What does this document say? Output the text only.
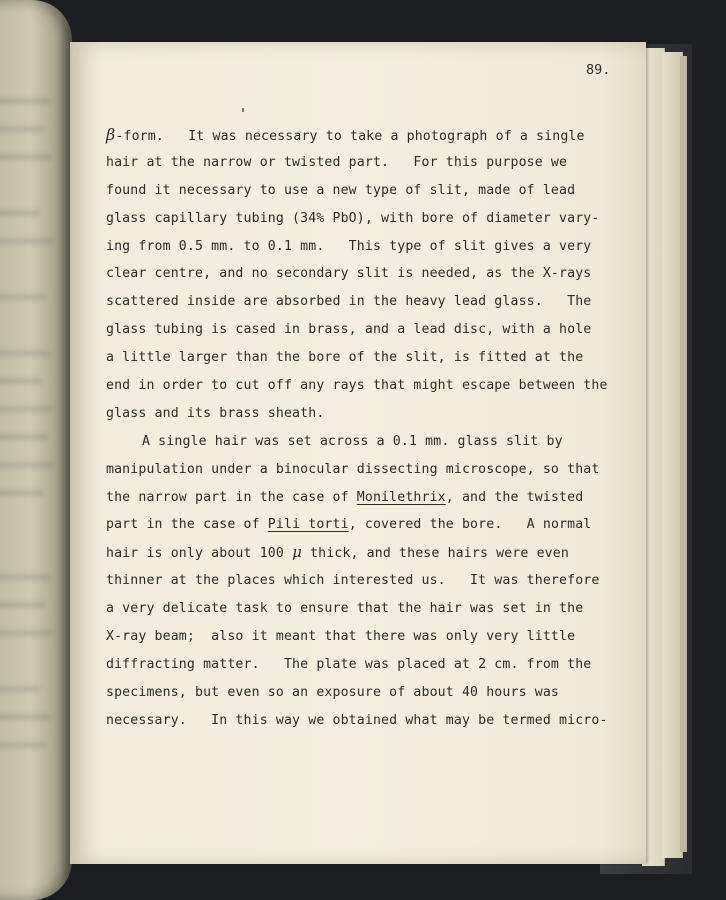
89.

β-form.   It was necessary to take a photograph of a single

hair at the narrow or twisted part.   For this purpose we

found it necessary to use a new type of slit, made of lead

glass capillary tubing (34% PbO), with bore of diameter vary-

ing from 0.5 mm. to 0.1 mm.   This type of slit gives a very

clear centre, and no secondary slit is needed, as the X-rays

scattered inside are absorbed in the heavy lead glass.   The

glass tubing is cased in brass, and a lead disc, with a hole

a little larger than the bore of the slit, is fitted at the

end in order to cut off any rays that might escape between the

glass and its brass sheath.

A single hair was set across a 0.1 mm. glass slit by

manipulation under a binocular dissecting microscope, so that

the narrow part in the case of Monilethrix, and the twisted

part in the case of Pili torti, covered the bore.   A normal

hair is only about 100 μ thick, and these hairs were even

thinner at the places which interested us.   It was therefore

a very delicate task to ensure that the hair was set in the

X-ray beam;  also it meant that there was only very little

diffracting matter.   The plate was placed at 2 cm. from the

specimens, but even so an exposure of about 40 hours was

necessary.   In this way we obtained what may be termed micro-
